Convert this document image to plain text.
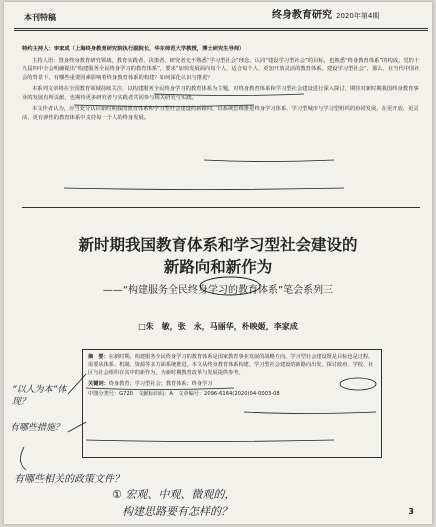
本刊特稿	终身教育研究 2020年第4期

特约主持人：李家成（上海终身教育研究院执行副院长，华东师范大学教授，博士研究生导师）

主持人语：置身终身教育研究领域，教育实践者、决策者、研究者无不熟悉“学习型社会”理念，认同“建设学习型社会”的目标，也熟悉“终身教育体系”的构成。党的十九届四中全会明确提出“构建服务全民终身学习的教育体系”，要求“加快发展面向每个人、适合每个人、更加开放灵活的教育体系，建设学习型社会”，那么，在当代中国社会的背景下，有哪些重要因素影响着终身教育体系的构建？如何深化认识与推进？

本系列文章将在全国教育领域持续关注，以构建服务全民终身学习的教育体系为主题，对终身教育体系和学习型社会建设进行深入探讨，期待对新时期我国终身教育事业的发展有所贡献，也期待更多研究者与实践者共同参与相关研究与实践。

本文作者认为，应当充分认识新时期我国教育体系和学习型社会建设的新路向，以系统思维推进终身学习体系、学习型城市与学习型组织的协同发展，在更开放、更灵活、更有弹性的教育体系中支持每一个人的终身发展。

新时期我国教育体系和学习型社会建设的
新路向和新作为
——“构建服务全民终身学习的教育体系”笔会系列三
□朱　敏，张　永，马丽华，朴映姬，李家成

摘　要：在新时期，构建服务全民终身学习的教育体系是国家教育事业发展的战略方向。学习型社会建设既是目标也是过程，需要从体系、机制、资源等多方面系统推进。本文从终身教育体系构建、学习型社会建设的新路向出发，探讨政府、学校、社区与社会组织在其中的新作为，为新时期教育改革与发展提供参考。

关键词：终身教育；学习型社会；教育体系；终身学习

中图分类号：G720　文献标识码：A　文章编号：2096-6164(2020)04-0003-08

“以人为本”体现？
有哪些措施？
有哪些相关的政策文件？
① 宏观、中观、微观的，
构建思路要有怎样的？	3
